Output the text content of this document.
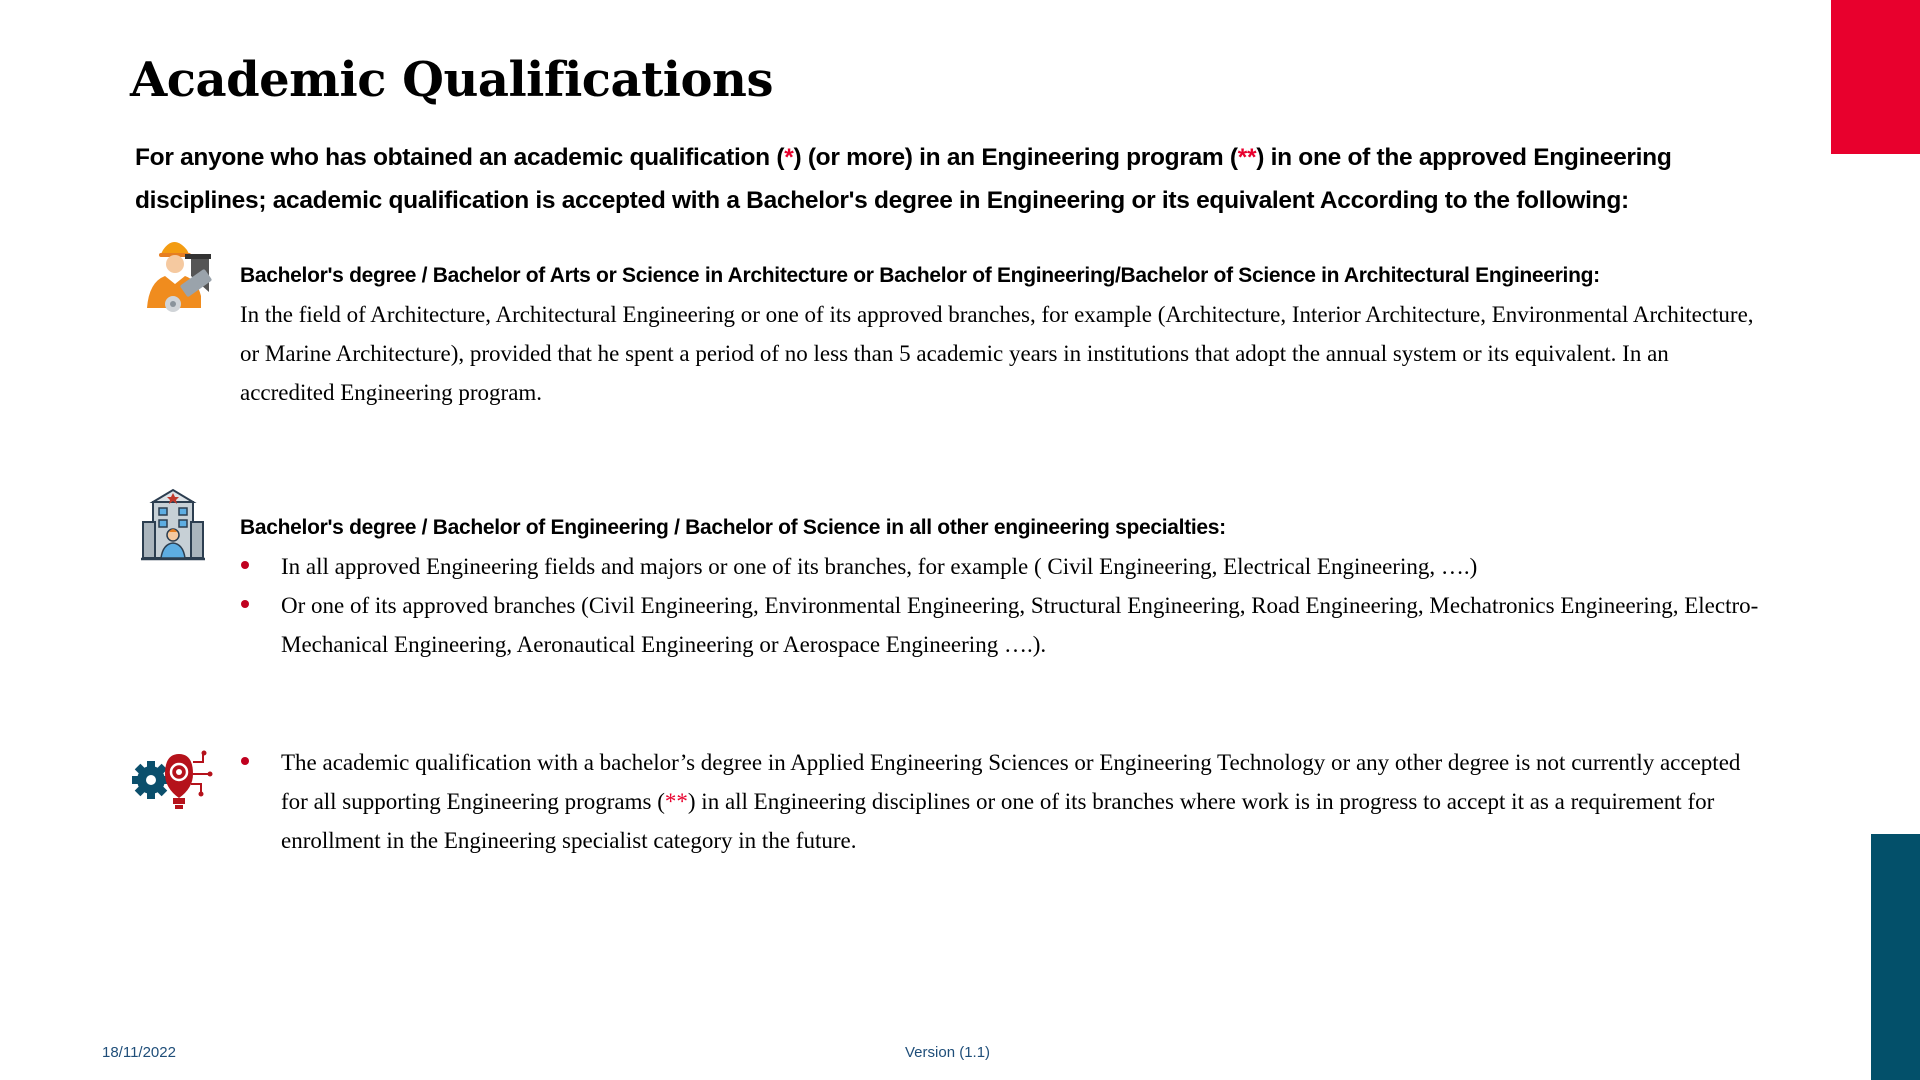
Academic Qualifications

For anyone who has obtained an academic qualification (*) (or more) in an Engineering program (**) in one of the approved Engineering disciplines; academic qualification is accepted with a Bachelor's degree in Engineering or its equivalent According to the following:

Bachelor's degree / Bachelor of Arts or Science in Architecture or Bachelor of Engineering/Bachelor of Science in Architectural Engineering:
In the field of Architecture, Architectural Engineering or one of its approved branches, for example (Architecture, Interior Architecture, Environmental Architecture, or Marine Architecture), provided that he spent a period of no less than 5 academic years in institutions that adopt the annual system or its equivalent. In an accredited Engineering program.
Bachelor's degree / Bachelor of Engineering / Bachelor of Science in all other engineering specialties:
In all approved Engineering fields and majors or one of its branches, for example ( Civil Engineering, Electrical Engineering, ….)
Or one of its approved branches (Civil Engineering, Environmental Engineering, Structural Engineering, Road Engineering, Mechatronics Engineering, Electro-Mechanical Engineering, Aeronautical Engineering or Aerospace Engineering ….).
The academic qualification with a bachelor’s degree in Applied Engineering Sciences or Engineering Technology or any other degree is not currently accepted for all supporting Engineering programs (**) in all Engineering disciplines or one of its branches where work is in progress to accept it as a requirement for enrollment in the Engineering specialist category in the future.
18/11/2022	Version (1.1)
